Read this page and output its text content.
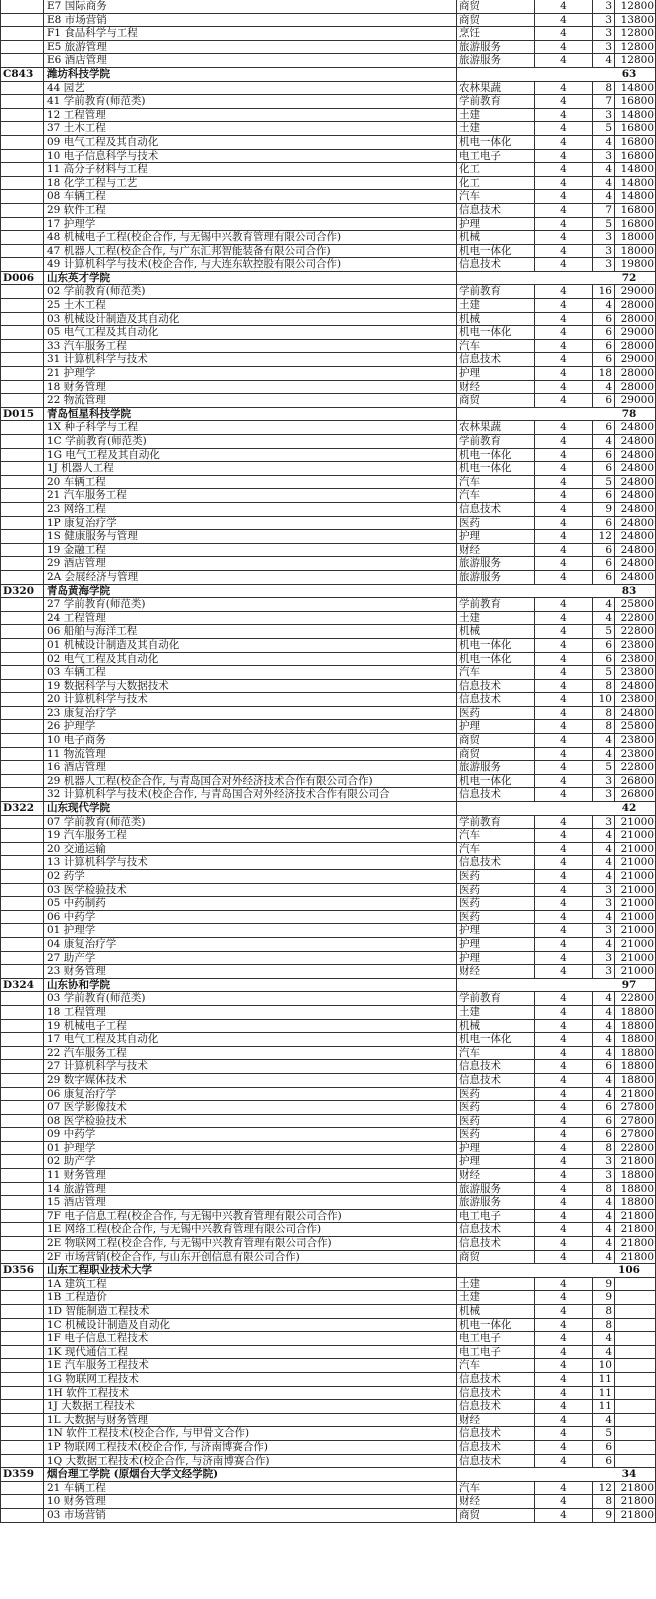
E7 国际商务	商贸	4	3 12800
E8 市场营销	商贸	4	3 13800
F1 食品科学与工程	烹饪	4	3 12800
E5 旅游管理	旅游服务	4	3 12800
E6 酒店管理	旅游服务	4	4 12800
C843	潍坊科技学院	63
44 园艺	农林果蔬	4	8 14800
41 学前教育(师范类)	学前教育	4	7 16800
12 工程管理	土建	4	3 14800
37 土木工程	土建	4	5 16800
09 电气工程及其自动化	机电一体化	4	4 16800
10 电子信息科学与技术	电工电子	4	3 16800
11 高分子材料与工程	化工	4	4 14800
18 化学工程与工艺	化工	4	4 14800
08 车辆工程	汽车	4	4 14800
29 软件工程	信息技术	4	7 16800
17 护理学	护理	4	5 16800
48 机械电子工程(校企合作, 与无锡中兴教育管理有限公司合作)	机械	4	3 18000
47 机器人工程(校企合作, 与广东汇邦智能装备有限公司合作)	机电一体化	4	3 18000
49 计算机科学与技术(校企合作, 与大连东软控股有限公司合作)	信息技术	4	3 19800
D006	山东英才学院	72
02 学前教育(师范类)	学前教育	4	16 29000
25 土木工程	土建	4	4 28000
03 机械设计制造及其自动化	机械	4	6 28000
05 电气工程及其自动化	机电一体化	4	6 29000
33 汽车服务工程	汽车	4	6 28000
31 计算机科学与技术	信息技术	4	6 29000
21 护理学	护理	4	18 28000
18 财务管理	财经	4	4 28000
22 物流管理	商贸	4	6 29000
D015	青岛恒星科技学院	78
1X 种子科学与工程	农林果蔬	4	6 24800
1C 学前教育(师范类)	学前教育	4	4 24800
1G 电气工程及其自动化	机电一体化	4	6 24800
1J 机器人工程	机电一体化	4	6 24800
20 车辆工程	汽车	4	5 24800
21 汽车服务工程	汽车	4	6 24800
23 网络工程	信息技术	4	9 24800
1P 康复治疗学	医药	4	6 24800
1S 健康服务与管理	护理	4	12 24800
19 金融工程	财经	4	6 24800
29 酒店管理	旅游服务	4	6 24800
2A 会展经济与管理	旅游服务	4	6 24800
D320	青岛黄海学院	83
27 学前教育(师范类)	学前教育	4	4 25800
24 工程管理	土建	4	4 22800
06 船舶与海洋工程	机械	4	5 22800
01 机械设计制造及其自动化	机电一体化	4	6 23800
02 电气工程及其自动化	机电一体化	4	6 23800
03 车辆工程	汽车	4	5 23800
19 数据科学与大数据技术	信息技术	4	8 24800
20 计算机科学与技术	信息技术	4	10 23800
23 康复治疗学	医药	4	8 24800
26 护理学	护理	4	8 25800
10 电子商务	商贸	4	4 23800
11 物流管理	商贸	4	4 23800
16 酒店管理	旅游服务	4	5 22800
29 机器人工程(校企合作, 与青岛国合对外经济技术合作有限公司合作)	机电一体化	4	3 26800
32 计算机科学与技术(校企合作, 与青岛国合对外经济技术合作有限公司合	信息技术	4	3 26800
D322	山东现代学院	42
07 学前教育(师范类)	学前教育	4	3 21000
19 汽车服务工程	汽车	4	4 21000
20 交通运输	汽车	4	4 21000
13 计算机科学与技术	信息技术	4	4 21000
02 药学	医药	4	4 21000
03 医学检验技术	医药	4	3 21000
05 中药制药	医药	4	3 21000
06 中药学	医药	4	4 21000
01 护理学	护理	4	3 21000
04 康复治疗学	护理	4	4 21000
27 助产学	护理	4	3 21000
23 财务管理	财经	4	3 21000
D324	山东协和学院	97
03 学前教育(师范类)	学前教育	4	4 22800
18 工程管理	土建	4	4 18800
19 机械电子工程	机械	4	4 18800
17 电气工程及其自动化	机电一体化	4	4 18800
22 汽车服务工程	汽车	4	4 18800
27 计算机科学与技术	信息技术	4	6 18800
29 数字媒体技术	信息技术	4	4 18800
06 康复治疗学	医药	4	4 21800
07 医学影像技术	医药	4	6 27800
08 医学检验技术	医药	4	6 27800
09 中药学	医药	4	6 27800
01 护理学	护理	4	8 22800
02 助产学	护理	4	3 21800
11 财务管理	财经	4	3 18800
14 旅游管理	旅游服务	4	8 18800
15 酒店管理	旅游服务	4	4 18800
7F 电子信息工程(校企合作, 与无锡中兴教育管理有限公司合作)	电工电子	4	4 21800
1E 网络工程(校企合作, 与无锡中兴教育管理有限公司合作)	信息技术	4	4 21800
2E 物联网工程(校企合作, 与无锡中兴教育管理有限公司合作)	信息技术	4	4 21800
2F 市场营销(校企合作, 与山东开创信息有限公司合作)	商贸	4	4 21800
D356	山东工程职业技术大学	106
1A 建筑工程	土建	4	9
1B 工程造价	土建	4	9
1D 智能制造工程技术	机械	4	8
1C 机械设计制造及自动化	机电一体化	4	8
1F 电子信息工程技术	电工电子	4	4
1K 现代通信工程	电工电子	4	4
1E 汽车服务工程技术	汽车	4	10
1G 物联网工程技术	信息技术	4	11
1H 软件工程技术	信息技术	4	11
1J 大数据工程技术	信息技术	4	11
1L 大数据与财务管理	财经	4	4
1N 软件工程技术(校企合作, 与甲骨文合作)	信息技术	4	5
1P 物联网工程技术(校企合作, 与济南博赛合作)	信息技术	4	6
1Q 大数据工程技术(校企合作, 与济南博赛合作)	信息技术	4	6
D359	烟台理工学院 (原烟台大学文经学院)	34
21 车辆工程	汽车	4	12 21800
10 财务管理	财经	4	8 21800
03 市场营销	商贸	4	9 21800
